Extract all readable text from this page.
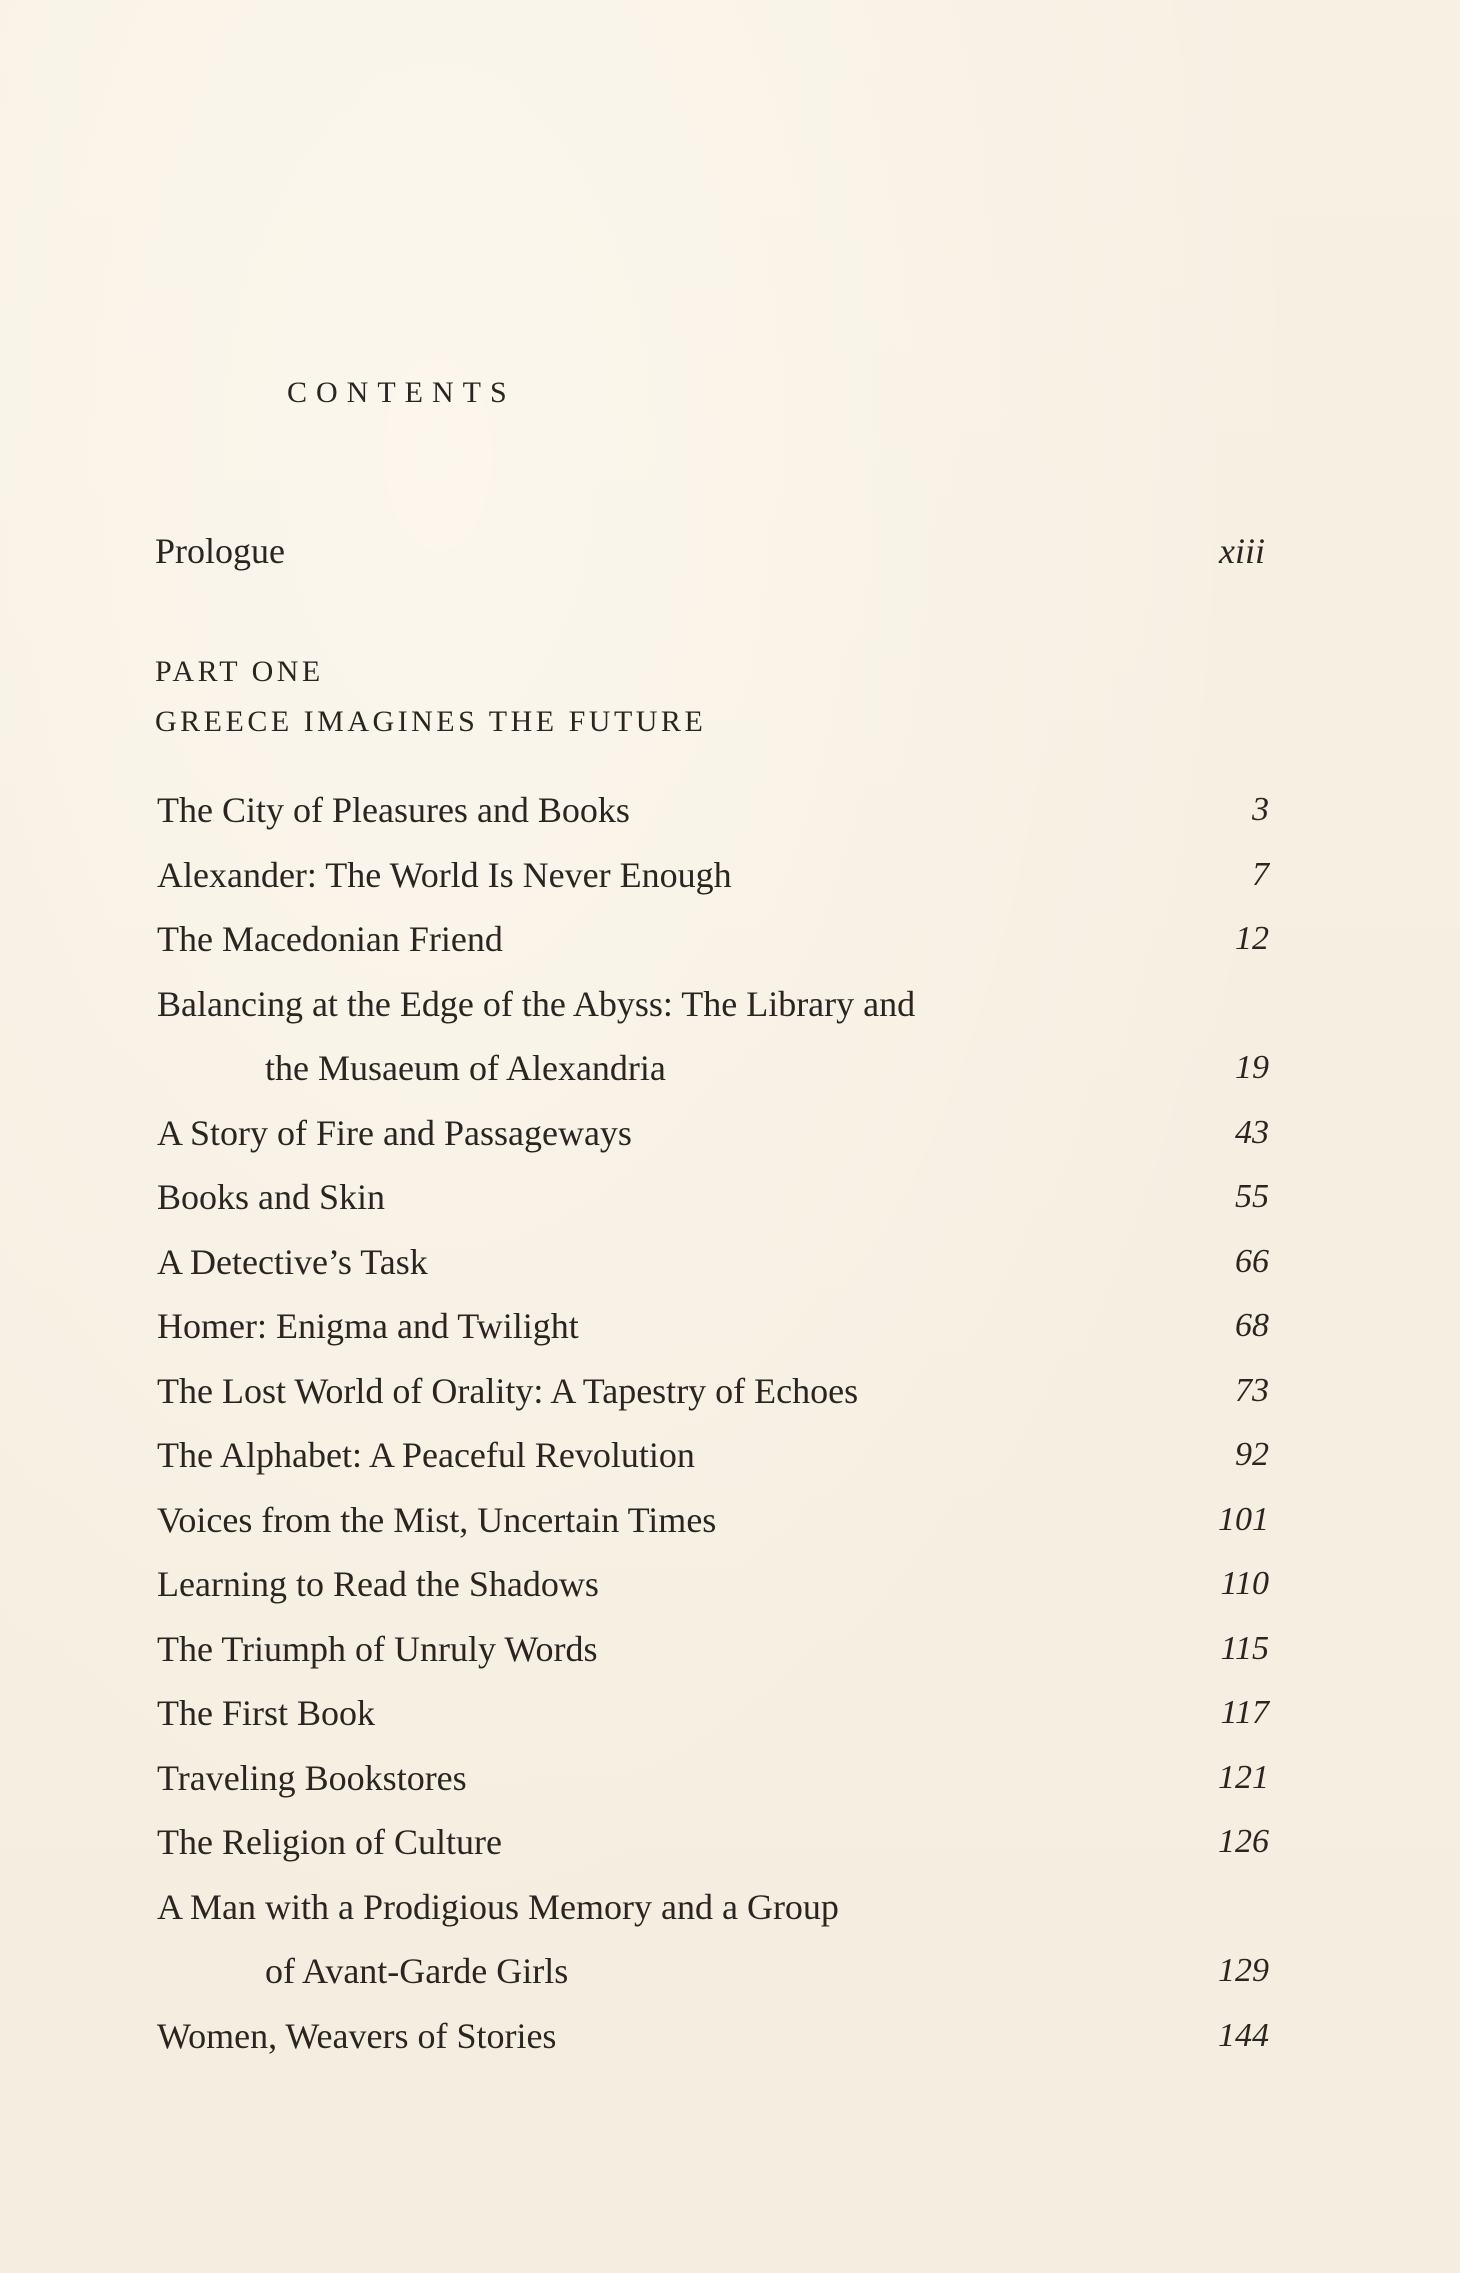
CONTENTS
Prologue	xiii
PART ONE
GREECE IMAGINES THE FUTURE
The City of Pleasures and Books	3
Alexander: The World Is Never Enough	7
The Macedonian Friend	12
Balancing at the Edge of the Abyss: The Library and
the Musaeum of Alexandria	19
A Story of Fire and Passageways	43
Books and Skin	55
A Detective’s Task	66
Homer: Enigma and Twilight	68
The Lost World of Orality: A Tapestry of Echoes	73
The Alphabet: A Peaceful Revolution	92
Voices from the Mist, Uncertain Times	101
Learning to Read the Shadows	110
The Triumph of Unruly Words	115
The First Book	117
Traveling Bookstores	121
The Religion of Culture	126
A Man with a Prodigious Memory and a Group
of Avant-Garde Girls	129
Women, Weavers of Stories	144
